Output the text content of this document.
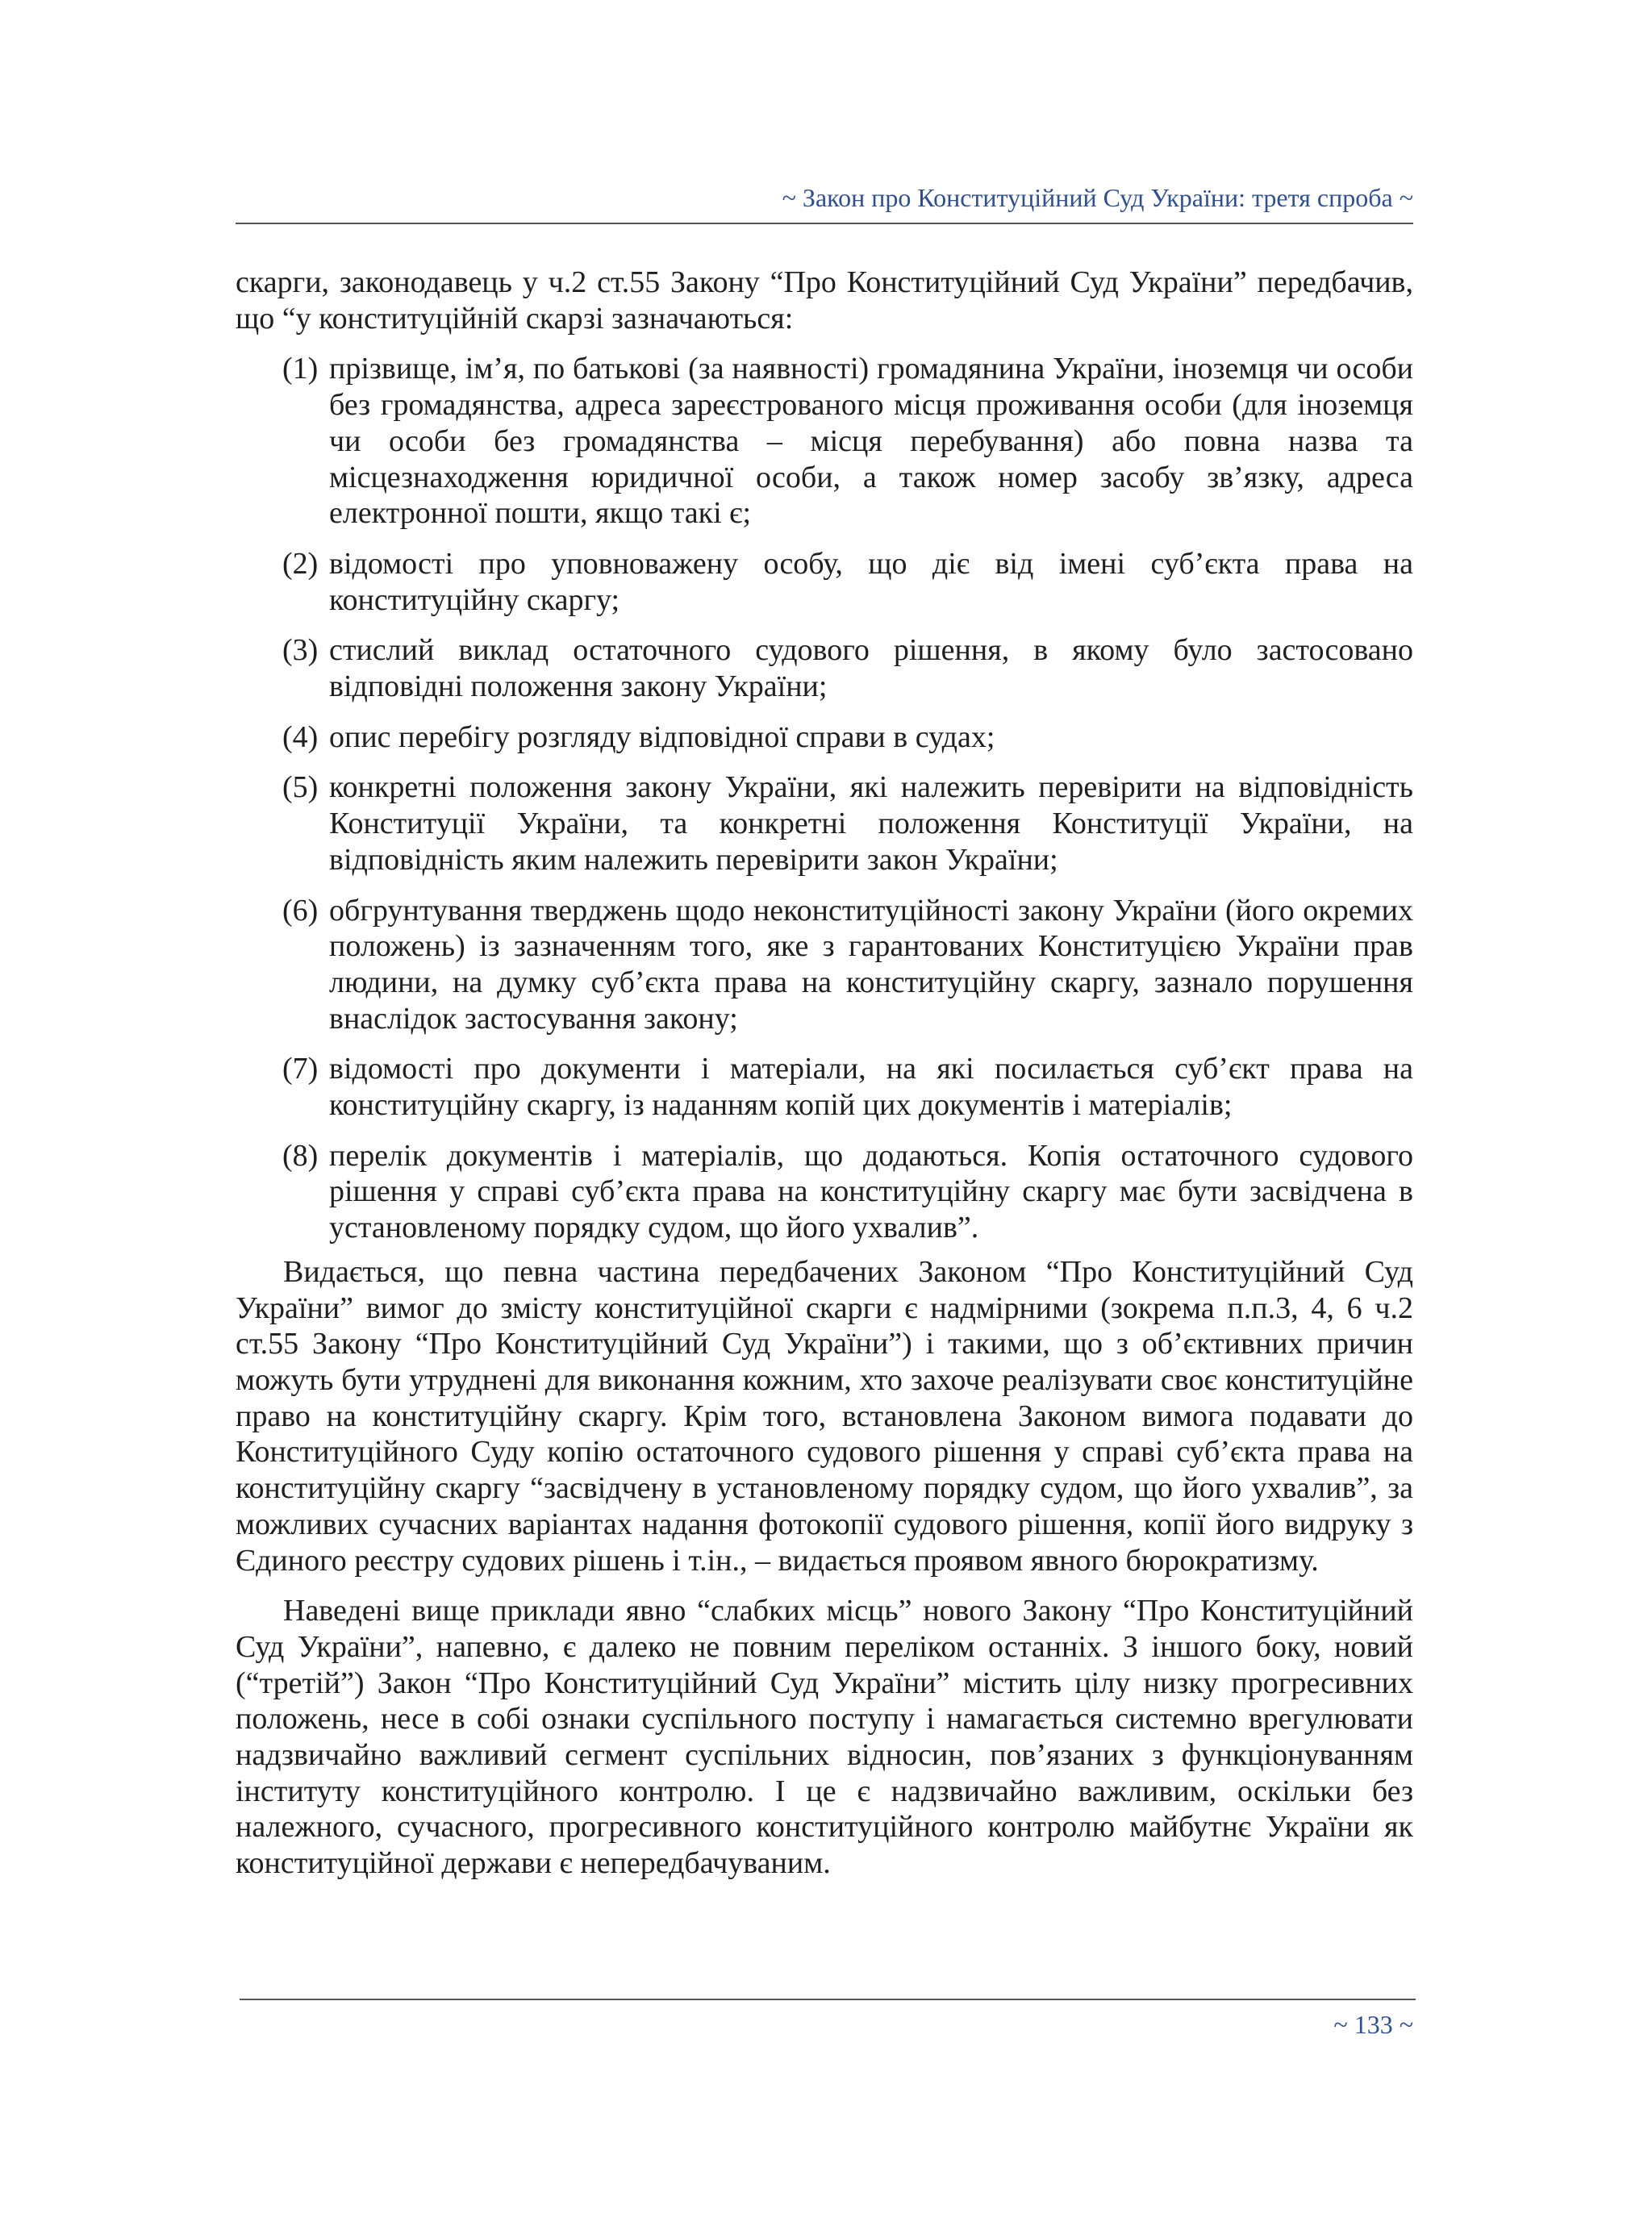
~ Закон про Конституційний Суд України: третя спроба ~

скарги, законодавець у ч.2 ст.55 Закону “Про Конституційний Суд України” передбачив, що “у конституційній скарзі зазначаються:

(1) прізвище, ім’я, по батькові (за наявності) громадянина України, іноземця чи особи без громадянства, адреса зареєстрованого місця проживання особи (для іноземця чи особи без громадянства – місця перебування) або повна назва та місцезнаходження юридичної особи, а також номер засобу зв’язку, адреса електронної пошти, якщо такі є;
(2) відомості про уповноважену особу, що діє від імені суб’єкта права на конституційну скаргу;
(3) стислий виклад остаточного судового рішення, в якому було застосовано відповідні положення закону України;
(4) опис перебігу розгляду відповідної справи в судах;
(5) конкретні положення закону України, які належить перевірити на відповідність Конституції України, та конкретні положення Конституції України, на відповідність яким належить перевірити закон України;
(6) обгрунтування тверджень щодо неконституційності закону України (його окремих положень) із зазначенням того, яке з гарантованих Конституцією України прав людини, на думку суб’єкта права на конституційну скаргу, зазнало порушення внаслідок застосування закону;
(7) відомості про документи і матеріали, на які посилається суб’єкт права на конституційну скаргу, із наданням копій цих документів і матеріалів;
(8) перелік документів і матеріалів, що додаються. Копія остаточного судового рішення у справі суб’єкта права на конституційну скаргу має бути засвідчена в установленому порядку судом, що його ухвалив”.

Видається, що певна частина передбачених Законом “Про Конституційний Суд України” вимог до змісту конституційної скарги є надмірними (зокрема п.п.3, 4, 6 ч.2 ст.55 Закону “Про Конституційний Суд України”) і такими, що з об’єктивних причин можуть бути утруднені для виконання кожним, хто захоче реалізувати своє конституційне право на конституційну скаргу. Крім того, встановлена Законом вимога подавати до Конституційного Суду копію остаточного судового рішення у справі суб’єкта права на конституційну скаргу “засвідчену в установленому порядку судом, що його ухвалив”, за можливих сучасних варіантах надання фотокопії судового рішення, копії його видруку з Єдиного реєстру судових рішень і т.ін., – видається проявом явного бюрократизму.

Наведені вище приклади явно “слабких місць” нового Закону “Про Конституційний Суд України”, напевно, є далеко не повним переліком останніх. З іншого боку, новий (“третій”) Закон “Про Конституційний Суд України” містить цілу низку прогресивних положень, несе в собі ознаки суспільного поступу і намагається системно врегулювати надзвичайно важливий сегмент суспільних відносин, пов’язаних з функціонуванням інституту конституційного контролю. І це є надзвичайно важливим, оскільки без належного, сучасного, прогресивного конституційного контролю майбутнє України як конституційної держави є непередбачуваним.

~ 133 ~
